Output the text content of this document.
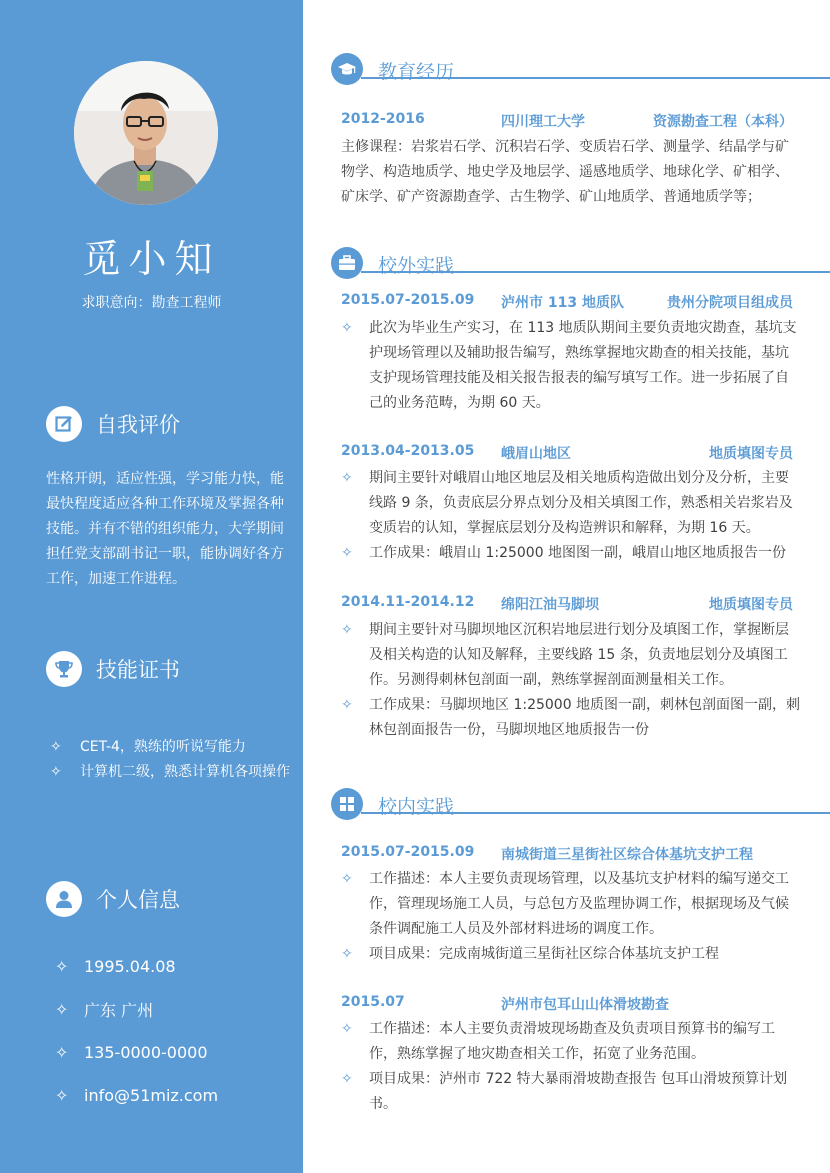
觅小知
求职意向：勘查工程师
自我评价
性格开朗，适应性强，学习能力快，能最快程度适应各种工作环境及掌握各种技能。并有不错的组织能力，大学期间担任党支部副书记一职，能协调好各方工作，加速工作进程。
技能证书
✧	CET-4，熟练的听说写能力
✧	计算机二级，熟悉计算机各项操作
个人信息
✧ 1995.04.08
✧ 广东 广州
✧ 135-0000-0000
✧ info@51miz.com
教育经历
2012-2016	四川理工大学	资源勘查工程（本科）
主修课程：岩浆岩石学、沉积岩石学、变质岩石学、测量学、结晶学与矿物学、构造地质学、地史学及地层学、遥感地质学、地球化学、矿相学、矿床学、矿产资源勘查学、古生物学、矿山地质学、普通地质学等；
校外实践
2015.07-2015.09 泸州市 113 地质队	贵州分院项目组成员
✧	此次为毕业生产实习，在 113 地质队期间主要负责地灾勘查，基坑支护现场管理以及辅助报告编写，熟练掌握地灾勘查的相关技能，基坑支护现场管理技能及相关报告报表的编写填写工作。进一步拓展了自己的业务范畴，为期 60 天。
2013.04-2013.05 峨眉山地区	地质填图专员
✧	期间主要针对峨眉山地区地层及相关地质构造做出划分及分析，主要线路 9 条，负责底层分界点划分及相关填图工作，熟悉相关岩浆岩及变质岩的认知，掌握底层划分及构造辨识和解释，为期 16 天。
✧	工作成果：峨眉山 1:25000 地图图一副，峨眉山地区地质报告一份
2014.11-2014.12 绵阳江油马脚坝	地质填图专员
✧	期间主要针对马脚坝地区沉积岩地层进行划分及填图工作，掌握断层及相关构造的认知及解释，主要线路 15 条，负责地层划分及填图工作。另测得刺林包剖面一副，熟练掌握剖面测量相关工作。
✧	工作成果：马脚坝地区 1:25000 地质图一副，刺林包剖面图一副，刺林包剖面报告一份，马脚坝地区地质报告一份
校内实践
2015.07-2015.09 南城街道三星街社区综合体基坑支护工程
✧	工作描述：本人主要负责现场管理，以及基坑支护材料的编写递交工作，管理现场施工人员，与总包方及监理协调工作，根据现场及气候条件调配施工人员及外部材料进场的调度工作。
✧	项目成果：完成南城街道三星街社区综合体基坑支护工程
2015.07	泸州市包耳山山体滑坡勘查
✧	工作描述：本人主要负责滑坡现场勘查及负责项目预算书的编写工作，熟练掌握了地灾勘查相关工作，拓宽了业务范围。
✧	项目成果：泸州市 722 特大暴雨滑坡勘查报告 包耳山滑坡预算计划书。
